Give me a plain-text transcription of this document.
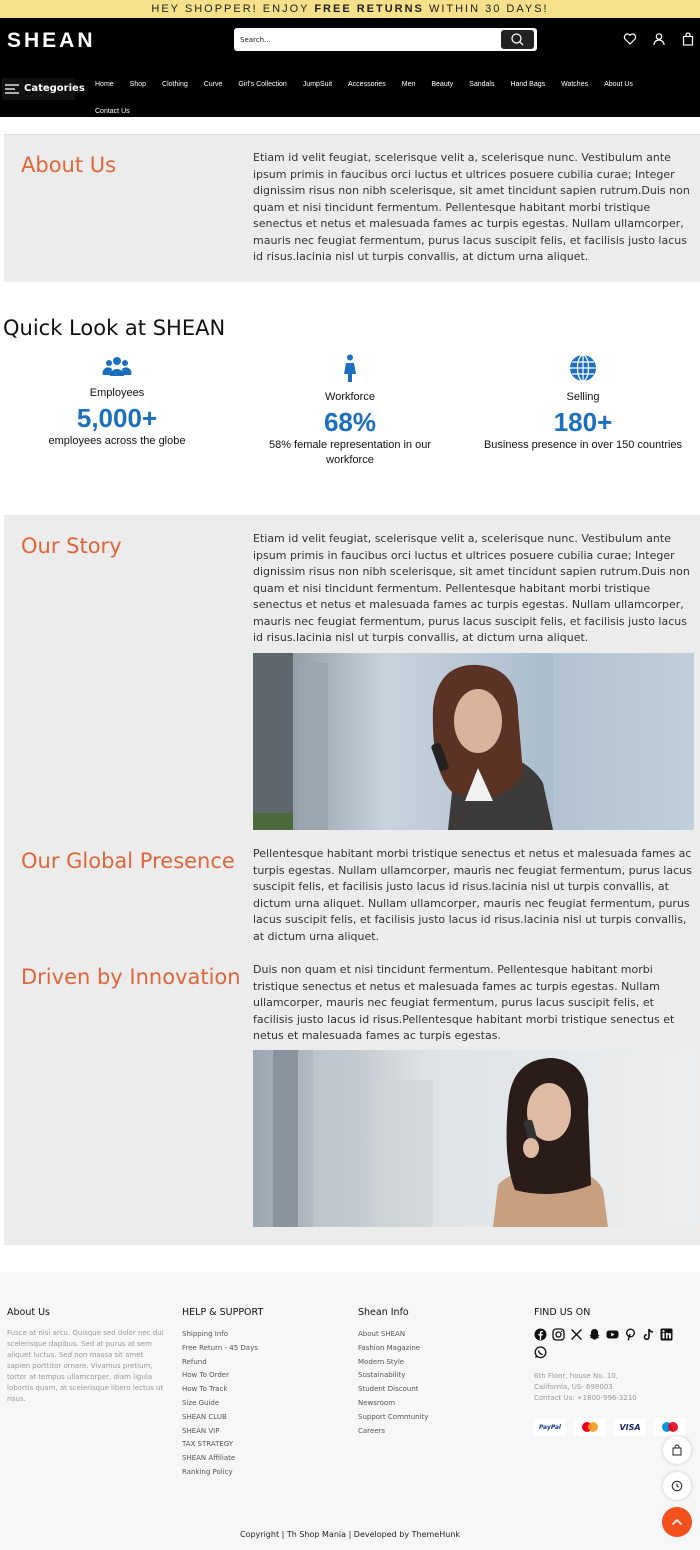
HEY SHOPPER! ENJOY FREE RETURNS WITHIN 30 DAYS!
SHEAN
Search...
Categories Home Shop Clothing Curve Girl's Collection JumpSuit Accessories Men Beauty Sandals Hand Bags Watches About Us
Contact Us
About Us	Etiam id velit feugiat, scelerisque velit a, scelerisque nunc. Vestibulum ante ipsum primis in faucibus orci luctus et ultrices posuere cubilia curae; Integer dignissim risus non nibh scelerisque, sit amet tincidunt sapien rutrum.Duis non quam et nisi tincidunt fermentum. Pellentesque habitant morbi tristique senectus et netus et malesuada fames ac turpis egestas. Nullam ullamcorper, mauris nec feugiat fermentum, purus lacus suscipit felis, et facilisis justo lacus id risus.lacinia nisl ut turpis convallis, at dictum urna aliquet.

Quick Look at SHEAN
Employees
5,000+
employees across the globe
Workforce
68%
58% female representation in our workforce
Selling
180+
Business presence in over 150 countries
Our Story	Etiam id velit feugiat, scelerisque velit a, scelerisque nunc. Vestibulum ante ipsum primis in faucibus orci luctus et ultrices posuere cubilia curae; Integer dignissim risus non nibh scelerisque, sit amet tincidunt sapien rutrum.Duis non quam et nisi tincidunt fermentum. Pellentesque habitant morbi tristique senectus et netus et malesuada fames ac turpis egestas. Nullam ullamcorper, mauris nec feugiat fermentum, purus lacus suscipit felis, et facilisis justo lacus id risus.lacinia nisl ut turpis convallis, at dictum urna aliquet.

Our Global Presence	Pellentesque habitant morbi tristique senectus et netus et malesuada fames ac turpis egestas. Nullam ullamcorper, mauris nec feugiat fermentum, purus lacus suscipit felis, et facilisis justo lacus id risus.lacinia nisl ut turpis convallis, at dictum urna aliquet. Nullam ullamcorper, mauris nec feugiat fermentum, purus lacus suscipit felis, et facilisis justo lacus id risus.lacinia nisl ut turpis convallis, at dictum urna aliquet.

Driven by Innovation Duis non quam et nisi tincidunt fermentum. Pellentesque habitant morbi tristique senectus et netus et malesuada fames ac turpis egestas. Nullam ullamcorper, mauris nec feugiat fermentum, purus lacus suscipit felis, et facilisis justo lacus id risus.Pellentesque habitant morbi tristique senectus et netus et malesuada fames ac turpis egestas.

About Us

Fusce at nisi arcu. Quisque sed dolor nec dui scelerisque dapibus. Sed at purus at sem aliquet luctus. Sed non massa sit amet sapien porttitor ornare. Vivamus pretium, tortor at tempus ullamcorper, diam ligula lobortis quam, at scelerisque libero lectus ut risus.

HELP & SUPPORT
Shipping Info
Free Return - 45 Days
Refund
How To Order
How To Track
Size Guide
SHEAN CLUB
SHEAN VIP
TAX STRATEGY
SHEAN Affiliate
Ranking Policy
Shean Info
About SHEAN
Fashion Magazine
Modern Style
Sustainability
Student Discount
Newsroom
Support Community
Careers
FIND US ON
6th Floor, house No. 10,
California, US- 698003
Contact Us: +1800-996-3210
PayPal	VISA
Copyright | Th Shop Mania | Developed by ThemeHunk
